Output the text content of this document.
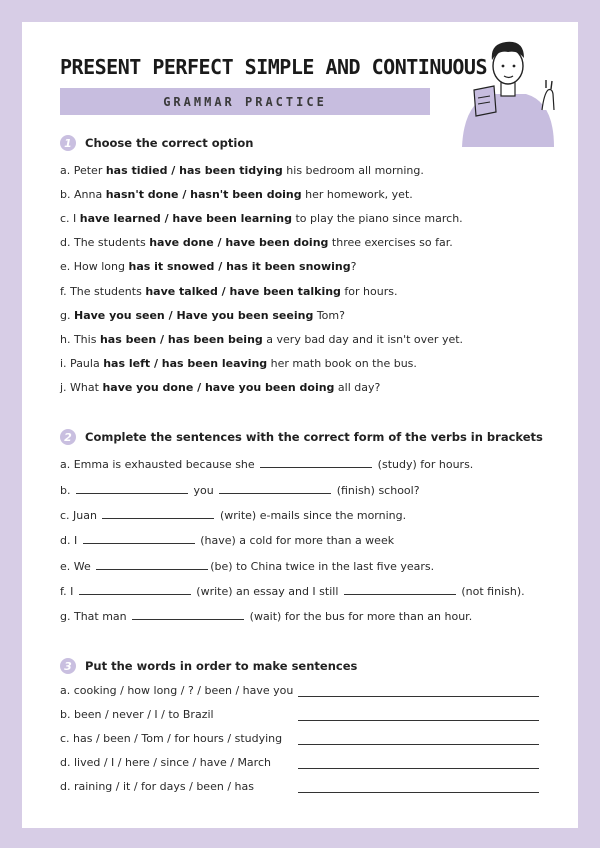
PRESENT PERFECT SIMPLE AND CONTINUOUS
GRAMMAR PRACTICE
1	Choose the correct option
a. Peter has tidied / has been tidying his bedroom all morning.
b. Anna hasn't done / hasn't been doing her homework, yet.
c. I have learned / have been learning to play the piano since march.
d. The students have done / have been doing three exercises so far.
e. How long has it snowed / has it been snowing?
f. The students have talked / have been talking for hours.
g. Have you seen / Have you been seeing Tom?
h. This has been / has been being a very bad day and it isn't over yet.
i. Paula has left / has been leaving her math book on the bus.
j. What have you done / have you been doing all day?
2	Complete the sentences with the correct form of the verbs in brackets
a. Emma is exhausted because she	(study) for hours.
b.	you	(finish) school?
c. Juan	(write) e-mails since the morning.
d. I	(have) a cold for more than a week
e. We	(be) to China twice in the last five years.
f. I	(write) an essay and I still	(not finish).
g. That man	(wait) for the bus for more than an hour.
3	Put the words in order to make sentences
a. cooking / how long / ? / been / have you
b. been / never / I / to Brazil
c. has / been / Tom / for hours / studying
d. lived / I / here / since / have / March
d. raining / it / for days / been / has
